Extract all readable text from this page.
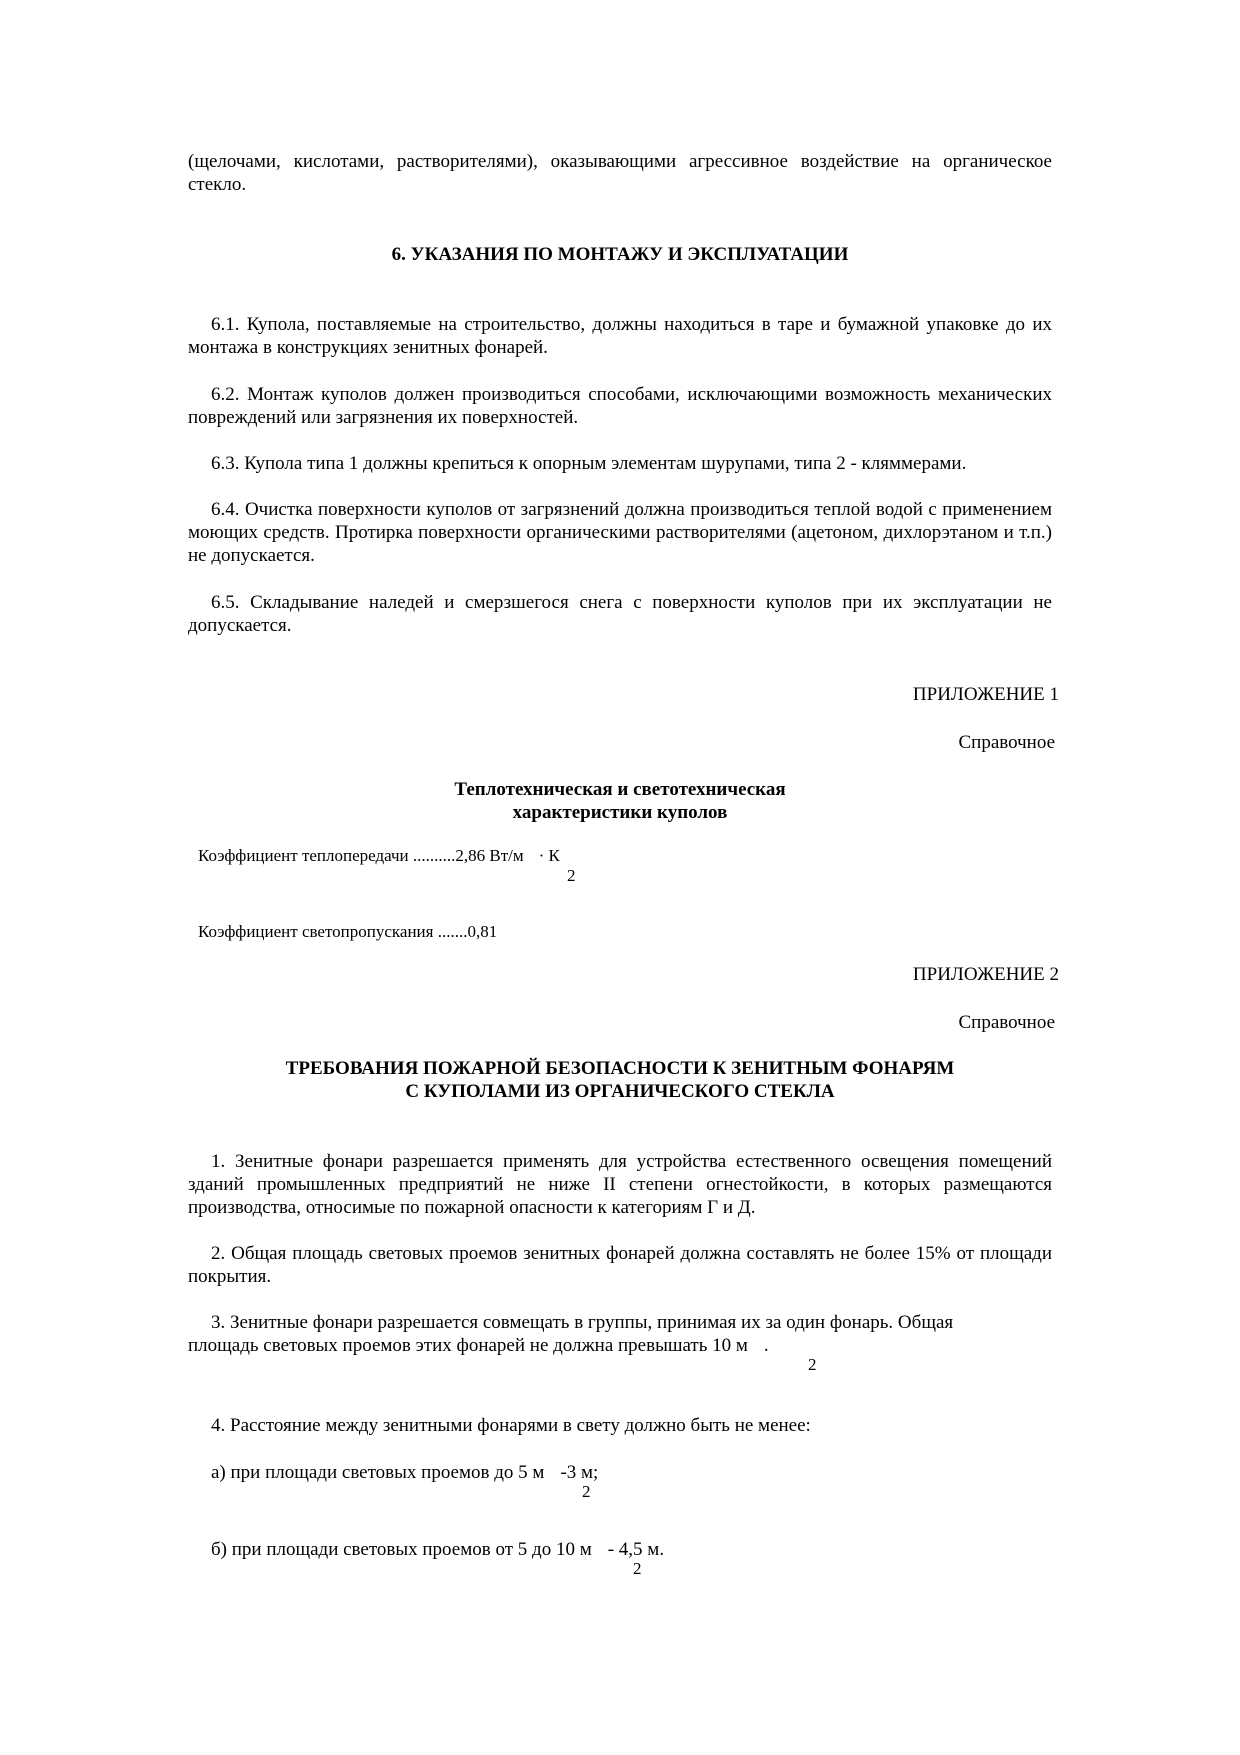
(щелочами, кислотами, растворителями), оказывающими агрессивное воздействие на органическое стекло.

6. УКАЗАНИЯ ПО МОНТАЖУ И ЭКСПЛУАТАЦИИ

6.1. Купола, поставляемые на строительство, должны находиться в таре и бумажной упаковке до их монтажа в конструкциях зенитных фонарей.

6.2. Монтаж куполов должен производиться способами, исключающими возможность механических повреждений или загрязнения их поверхностей.

6.3. Купола типа 1 должны крепиться к опорным элементам шурупами, типа 2 - кляммерами.

6.4. Очистка поверхности куполов от загрязнений должна производиться теплой водой с применением моющих средств. Протирка поверхности органическими растворителями (ацетоном, дихлорэтаном и т.п.) не допускается.

6.5. Складывание наледей и смерзшегося снега с поверхности куполов при их эксплуатации не допускается.

ПРИЛОЖЕНИЕ 1
Справочное

Теплотехническая и светотехническая

характеристики куполов

Коэффициент теплопередачи ..........2,86 Вт/м · К
2
Коэффициент светопропускания .......0,81
ПРИЛОЖЕНИЕ 2
Справочное

ТРЕБОВАНИЯ ПОЖАРНОЙ БЕЗОПАСНОСТИ К ЗЕНИТНЫМ ФОНАРЯМ

С КУПОЛАМИ ИЗ ОРГАНИЧЕСКОГО СТЕКЛА

1. Зенитные фонари разрешается применять для устройства естественного освещения помещений зданий промышленных предприятий не ниже II степени огнестойкости, в которых размещаются производства, относимые по пожарной опасности к категориям Г и Д.

2. Общая площадь световых проемов зенитных фонарей должна составлять не более 15% от площади покрытия.

3. Зенитные фонари разрешается совмещать в группы, принимая их за один фонарь. Общая

площадь световых проемов этих фонарей не должна превышать 10 м .
2
4. Расстояние между зенитными фонарями в свету должно быть не менее:
а) при площади световых проемов до 5 м -3 м;
2
б) при площади световых проемов от 5 до 10 м - 4,5 м.
2
